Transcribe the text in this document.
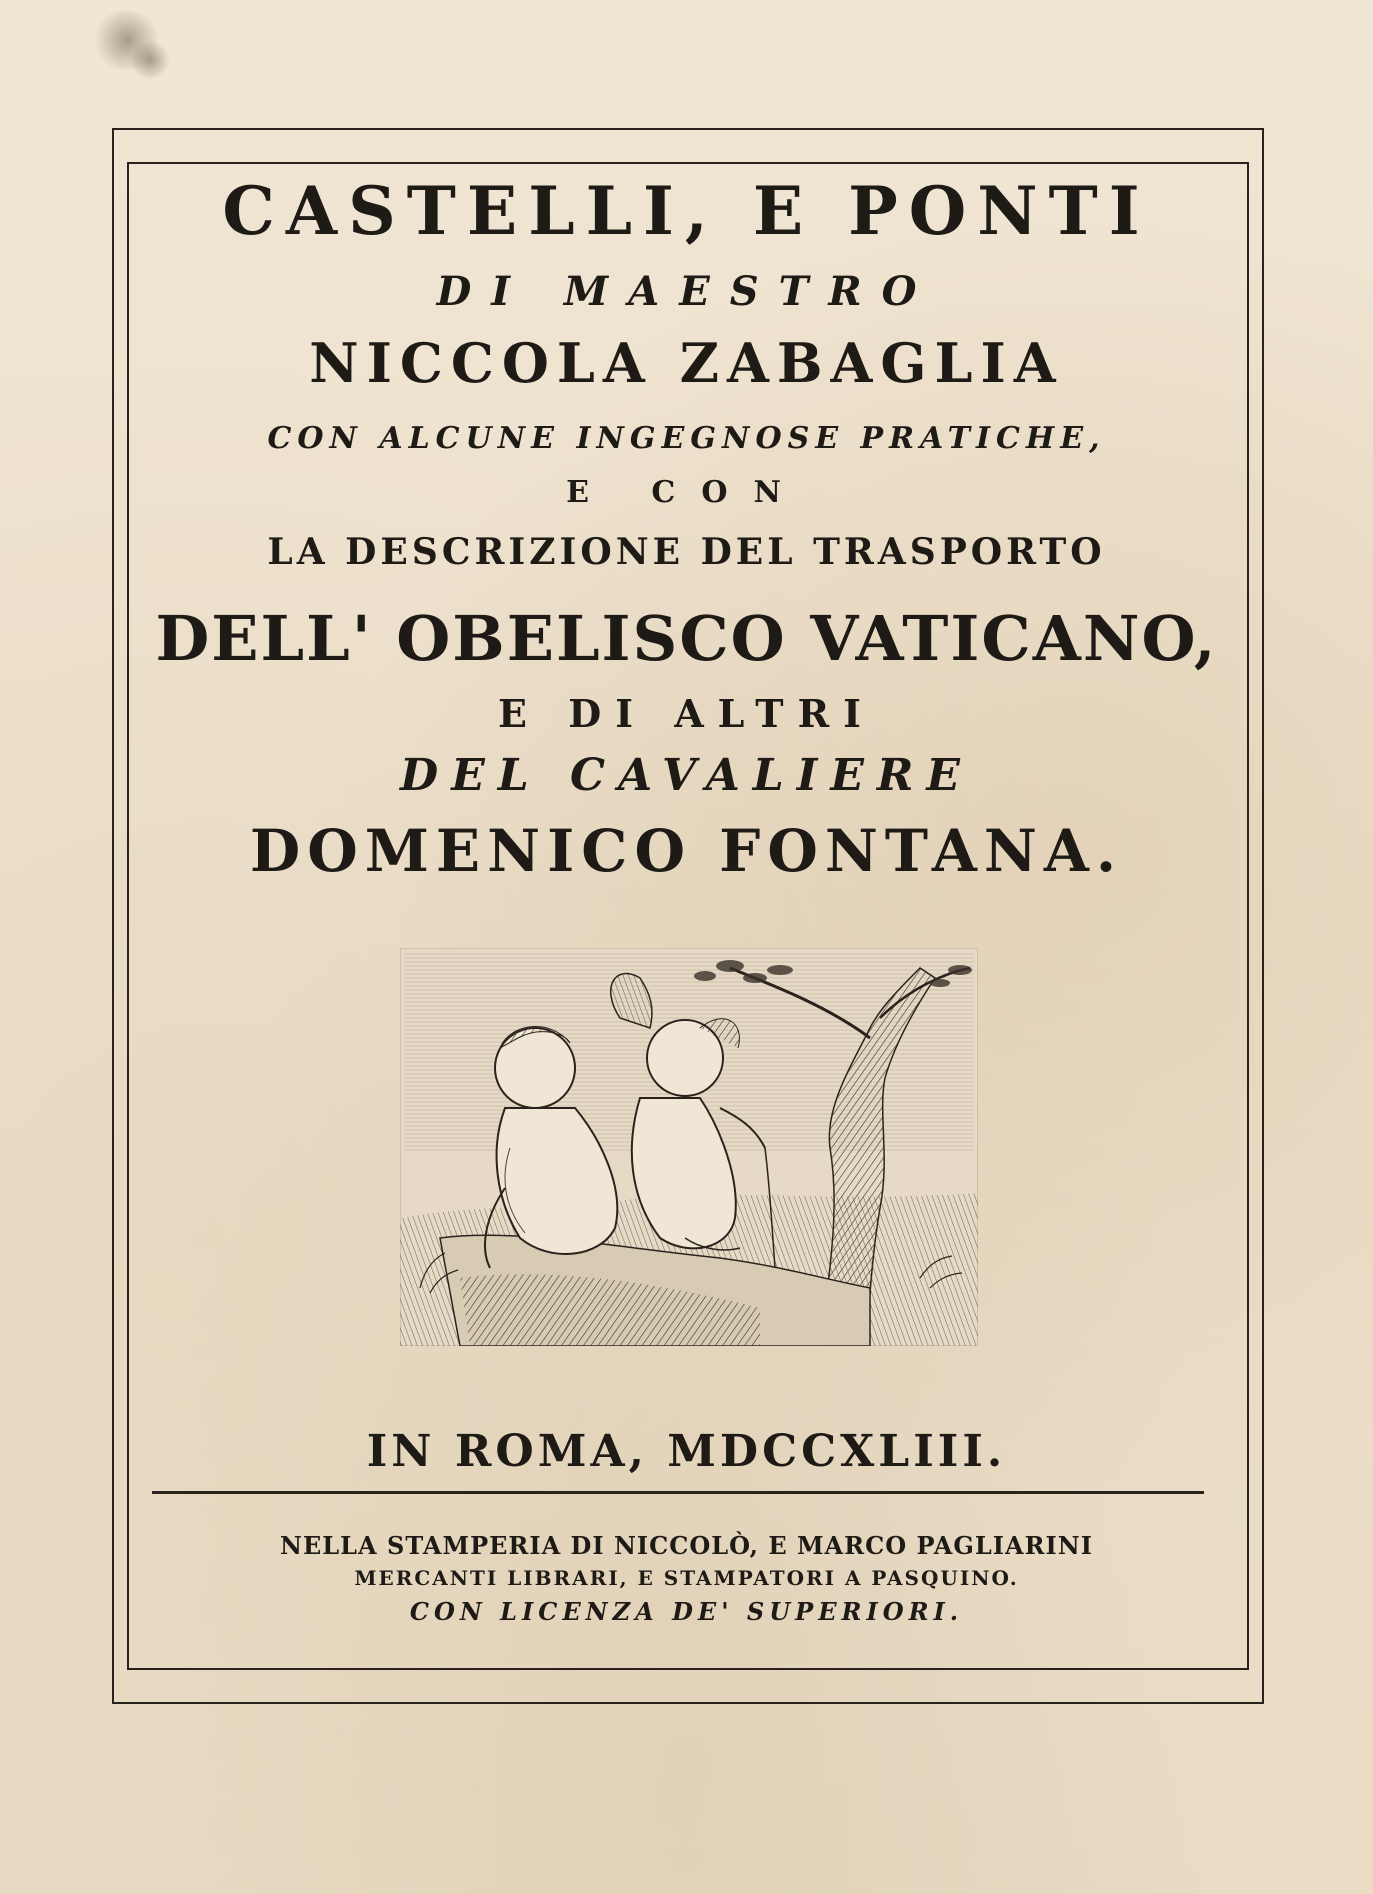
CASTELLI, E PONTI
DI MAESTRO
NICCOLA ZABAGLIA
CON ALCUNE INGEGNOSE PRATICHE,
E CON
LA DESCRIZIONE DEL TRASPORTO
DELL' OBELISCO VATICANO,
E DI ALTRI
DEL CAVALIERE
DOMENICO FONTANA.
IN ROMA, MDCCXLIII.
NELLA STAMPERIA DI NICCOLÒ, E MARCO PAGLIARINI
MERCANTI LIBRARI, E STAMPATORI A PASQUINO.
CON LICENZA DE' SUPERIORI.
